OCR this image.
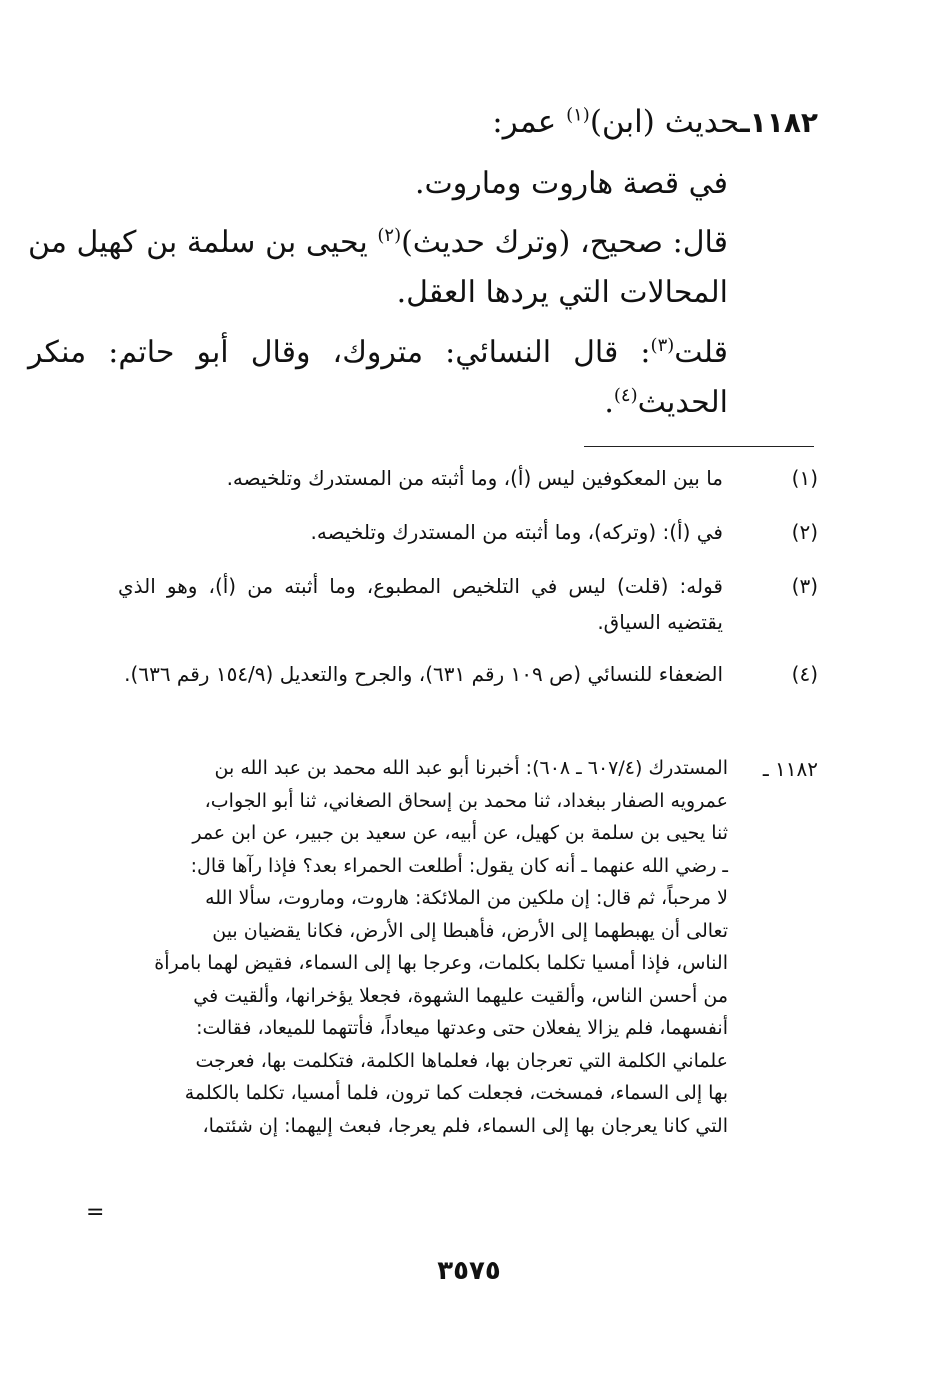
١١٨٢ـحديث (ابن)$^{(١)}$ عمر:
في قصة هاروت وماروت.
قال: صحيح، (وترك حديث)$^{(٢)}$ يحيى بن سلمة بن كهيل من المحالات التي يردها العقل.
قلت$^{(٣)}$: قال النسائي: متروك، وقال أبو حاتم: منكر الحديث$^{(٤)}$.
(١)
ما بين المعكوفين ليس (أ)، وما أثبته من المستدرك وتلخيصه.
(٢)
في (أ): (وتركه)، وما أثبته من المستدرك وتلخيصه.
(٣)
قوله: (قلت) ليس في التلخيص المطبوع، وما أثبته من (أ)، وهو الذي يقتضيه السياق.
(٤)
الضعفاء للنسائي (ص ١٠٩ رقم ٦٣١)، والجرح والتعديل (١٥٤/٩ رقم ٦٣٦).
١١٨٢ ـ
المستدرك (٦٠٧/٤ ـ ٦٠٨): أخبرنا أبو عبد الله محمد بن عبد الله بن
عمرويه الصفار ببغداد، ثنا محمد بن إسحاق الصغاني، ثنا أبو الجواب،
ثنا يحيى بن سلمة بن كهيل، عن أبيه، عن سعيد بن جبير، عن ابن عمر
ـ رضي الله عنهما ـ أنه كان يقول: أطلعت الحمراء بعد؟ فإذا رآها قال:
لا مرحباً، ثم قال: إن ملكين من الملائكة: هاروت، وماروت، سألا الله
تعالى أن يهبطهما إلى الأرض، فأهبطا إلى الأرض، فكانا يقضيان بين
الناس، فإذا أمسيا تكلما بكلمات، وعرجا بها إلى السماء، فقيض لهما بامرأة
من أحسن الناس، وألقيت عليهما الشهوة، فجعلا يؤخرانها، وألقيت في
أنفسهما، فلم يزالا يفعلان حتى وعدتها ميعاداً، فأتتهما للميعاد، فقالت:
علماني الكلمة التي تعرجان بها، فعلماها الكلمة، فتكلمت بها، فعرجت
بها إلى السماء، فمسخت، فجعلت كما ترون، فلما أمسيا، تكلما بالكلمة
التي كانا يعرجان بها إلى السماء، فلم يعرجا، فبعث إليهما: إن شئتما،
=
٣٥٧٥
